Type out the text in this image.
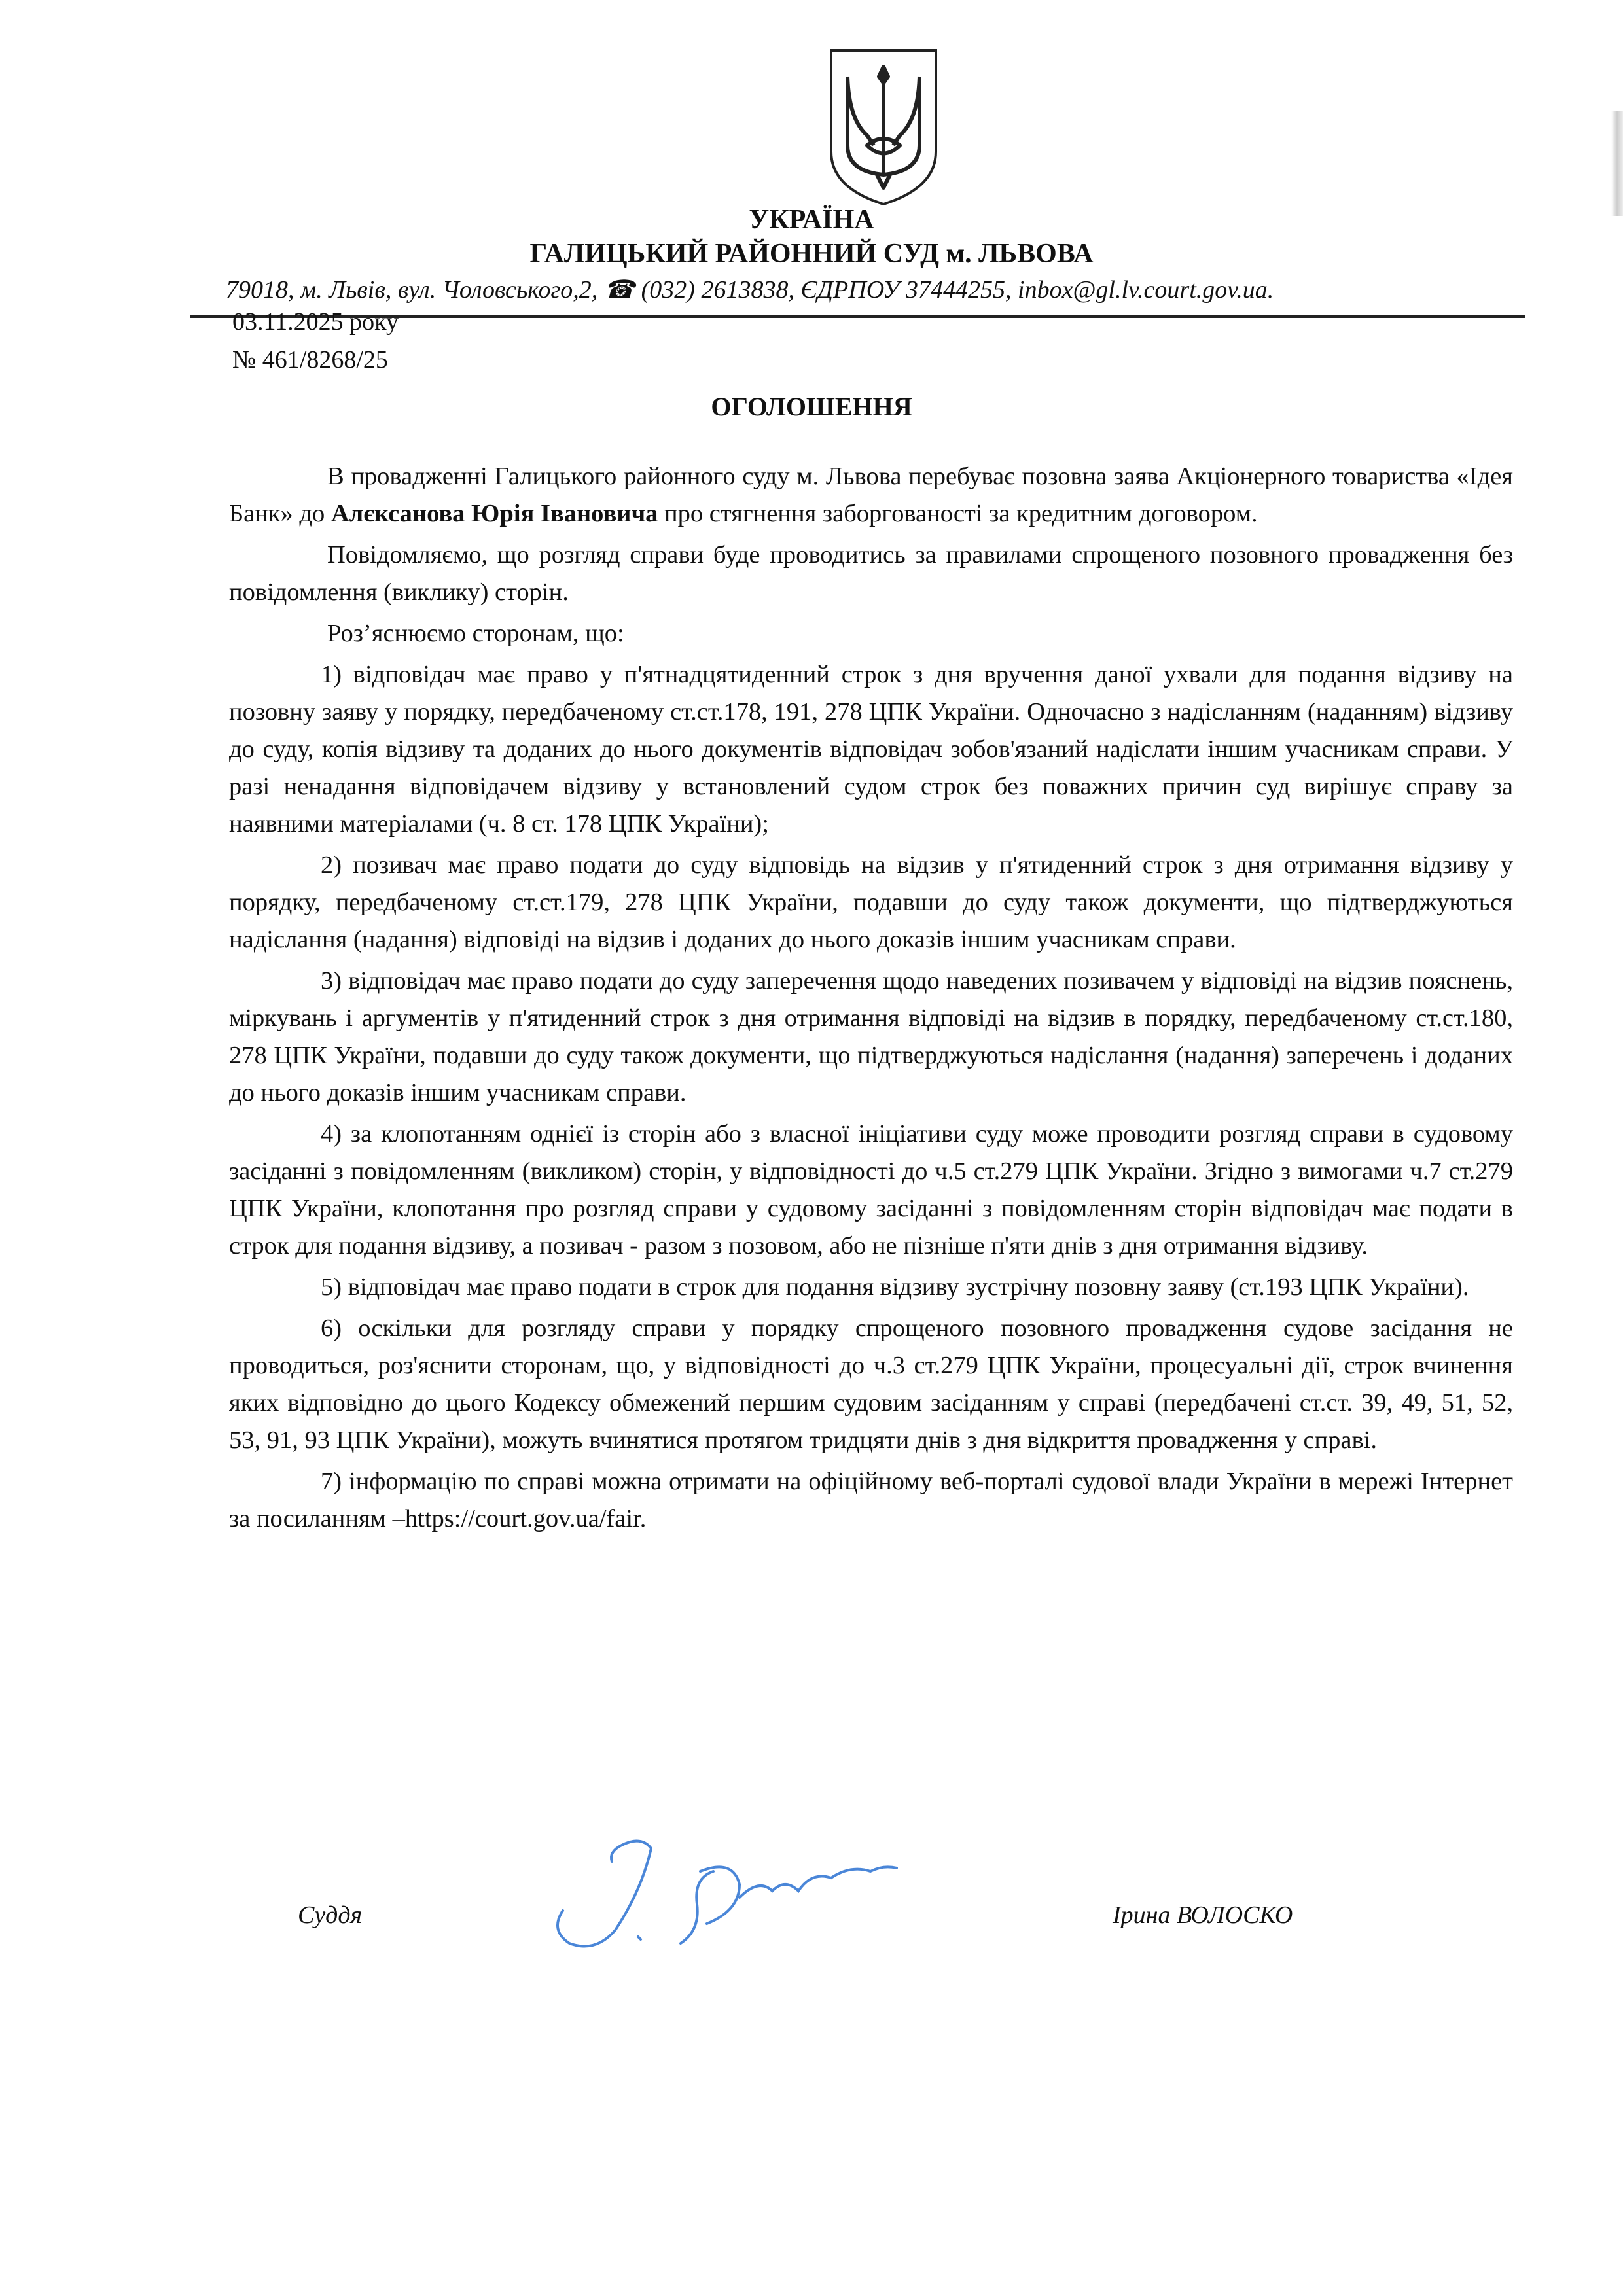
УКРАЇНА
ГАЛИЦЬКИЙ РАЙОННИЙ СУД м. ЛЬВОВА
79018, м. Львів, вул. Чоловського,2, ☎ (032) 2613838, ЄДРПОУ 37444255, inbox@gl.lv.court.gov.ua.
03.11.2025 року
№ 461/8268/25
ОГОЛОШЕННЯ

В провадженні Галицького районного суду м. Львова перебуває позовна заява Акціонерного товариства «Ідея Банк» до Алєксанова Юрія Івановича про стягнення заборгованості за кредитним договором.

Повідомляємо, що розгляд справи буде проводитись за правилами спрощеного позовного провадження без повідомлення (виклику) сторін.

Роз’яснюємо сторонам, що:

1) відповідач має право у п'ятнадцятиденний строк з дня вручення даної ухвали для подання відзиву на позовну заяву у порядку, передбаченому ст.ст.178, 191, 278 ЦПК України. Одночасно з надісланням (наданням) відзиву до суду, копія відзиву та доданих до нього документів відповідач зобов'язаний надіслати іншим учасникам справи. У разі ненадання відповідачем відзиву у встановлений судом строк без поважних причин суд вирішує справу за наявними матеріалами (ч. 8 ст. 178 ЦПК України);

2) позивач має право подати до суду відповідь на відзив у п'ятиденний строк з дня отримання відзиву у порядку, передбаченому ст.ст.179, 278 ЦПК України, подавши до суду також документи, що підтверджуються надіслання (надання) відповіді на відзив і доданих до нього доказів іншим учасникам справи.

3) відповідач має право подати до суду заперечення щодо наведених позивачем у відповіді на відзив пояснень, міркувань і аргументів у п'ятиденний строк з дня отримання відповіді на відзив в порядку, передбаченому ст.ст.180, 278 ЦПК України, подавши до суду також документи, що підтверджуються надіслання (надання) заперечень і доданих до нього доказів іншим учасникам справи.

4) за клопотанням однієї із сторін або з власної ініціативи суду може проводити розгляд справи в судовому засіданні з повідомленням (викликом) сторін, у відповідності до ч.5 ст.279 ЦПК України. Згідно з вимогами ч.7 ст.279 ЦПК України, клопотання про розгляд справи у судовому засіданні з повідомленням сторін відповідач має подати в строк для подання відзиву, а позивач - разом з позовом, або не пізніше п'яти днів з дня отримання відзиву.

5) відповідач має право подати в строк для подання відзиву зустрічну позовну заяву (ст.193 ЦПК України).

6) оскільки для розгляду справи у порядку спрощеного позовного провадження судове засідання не проводиться, роз'яснити сторонам, що, у відповідності до ч.3 ст.279 ЦПК України, процесуальні дії, строк вчинення яких відповідно до цього Кодексу обмежений першим судовим засіданням у справі (передбачені ст.ст. 39, 49, 51, 52, 53, 91, 93 ЦПК України), можуть вчинятися протягом тридцяти днів з дня відкриття провадження у справі.

7) інформацію по справі можна отримати на офіційному веб-порталі судової влади України в мережі Інтернет за посиланням –https://court.gov.ua/fair.

Суддя	Ірина ВОЛОСКО
